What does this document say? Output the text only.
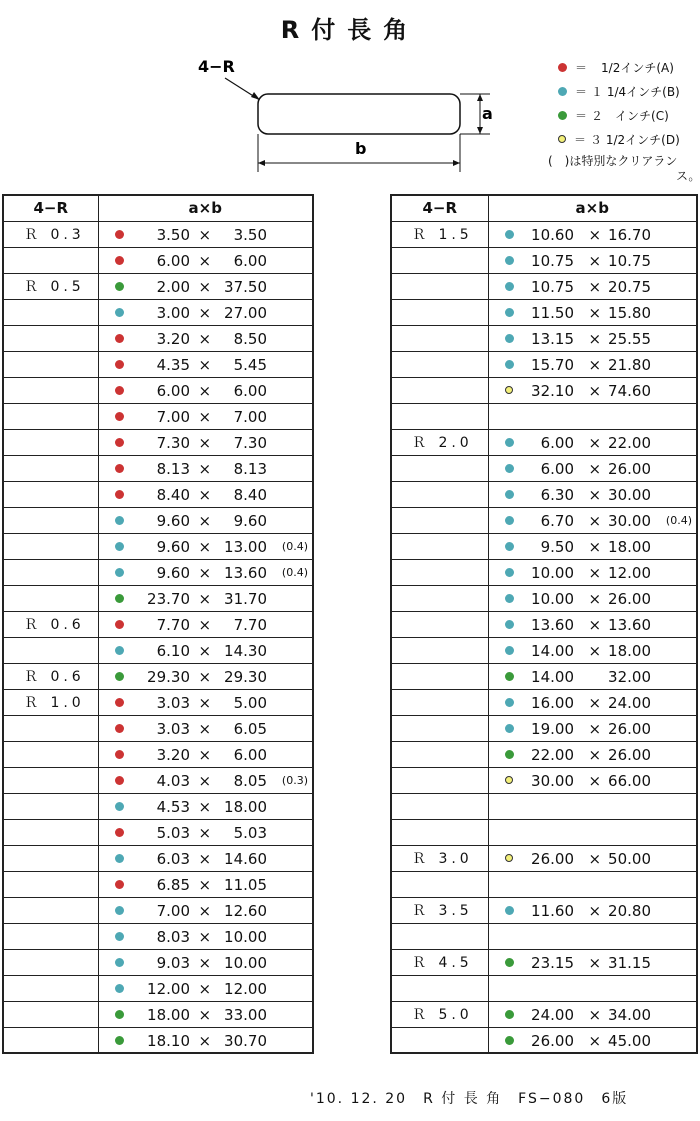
R付長角
4−R
a
b
＝ 1/2インチ(A)
＝ １ 1/4インチ(B)
＝ ２　インチ(C)
＝ ３ 1/2インチ(D)
(　)は特別なクリアラン
ス。
4−R	a×b
Ｒ 0.3	3.50 × 3.50

	6.00 × 6.00

Ｒ 0.5	2.00 × 37.50

	3.00 × 27.00

	3.20 × 8.50

	4.35 × 5.45

	6.00 × 6.00

	7.00 × 7.00

	7.30 × 7.30

	8.13 × 8.13

	8.40 × 8.40

	9.60 × 9.60

	9.60 × 13.00 (0.4)

	9.60 × 13.60 (0.4)

	23.70 × 31.70

Ｒ 0.6	7.70 × 7.70

	6.10 × 14.30

Ｒ 0.6	29.30 × 29.30

Ｒ 1.0	3.03 × 5.00

	3.03 × 6.05

	3.20 × 6.00

	4.03 × 8.05 (0.3)

	4.53 × 18.00

	5.03 × 5.03

	6.03 × 14.60

	6.85 × 11.05

	7.00 × 12.60

	8.03 × 10.00

	9.03 × 10.00

	12.00 × 12.00

	18.00 × 33.00

	18.10 × 30.70
4−R	a×b
Ｒ 1.5	10.60 × 16.70

	10.75 × 10.75

	10.75 × 20.75

	11.50 × 15.80

	13.15 × 25.55

	15.70 × 21.80

	32.10 × 74.60

Ｒ 2.0	6.00 × 22.00

	6.00 × 26.00

	6.30 × 30.00

	6.70 × 30.00 (0.4)

	9.50 × 18.00

	10.00 × 12.00

	10.00 × 26.00

	13.60 × 13.60

	14.00 × 18.00

	14.00 32.00

	16.00 × 24.00

	19.00 × 26.00

	22.00 × 26.00

	30.00 × 66.00

Ｒ 3.0	26.00 × 50.00

Ｒ 3.5	11.60 × 20.80

Ｒ 4.5	23.15 × 31.15

Ｒ 5.0	24.00 × 34.00

	26.00 × 45.00
'10. 12. 20　R 付 長 角　FS−080　6版
